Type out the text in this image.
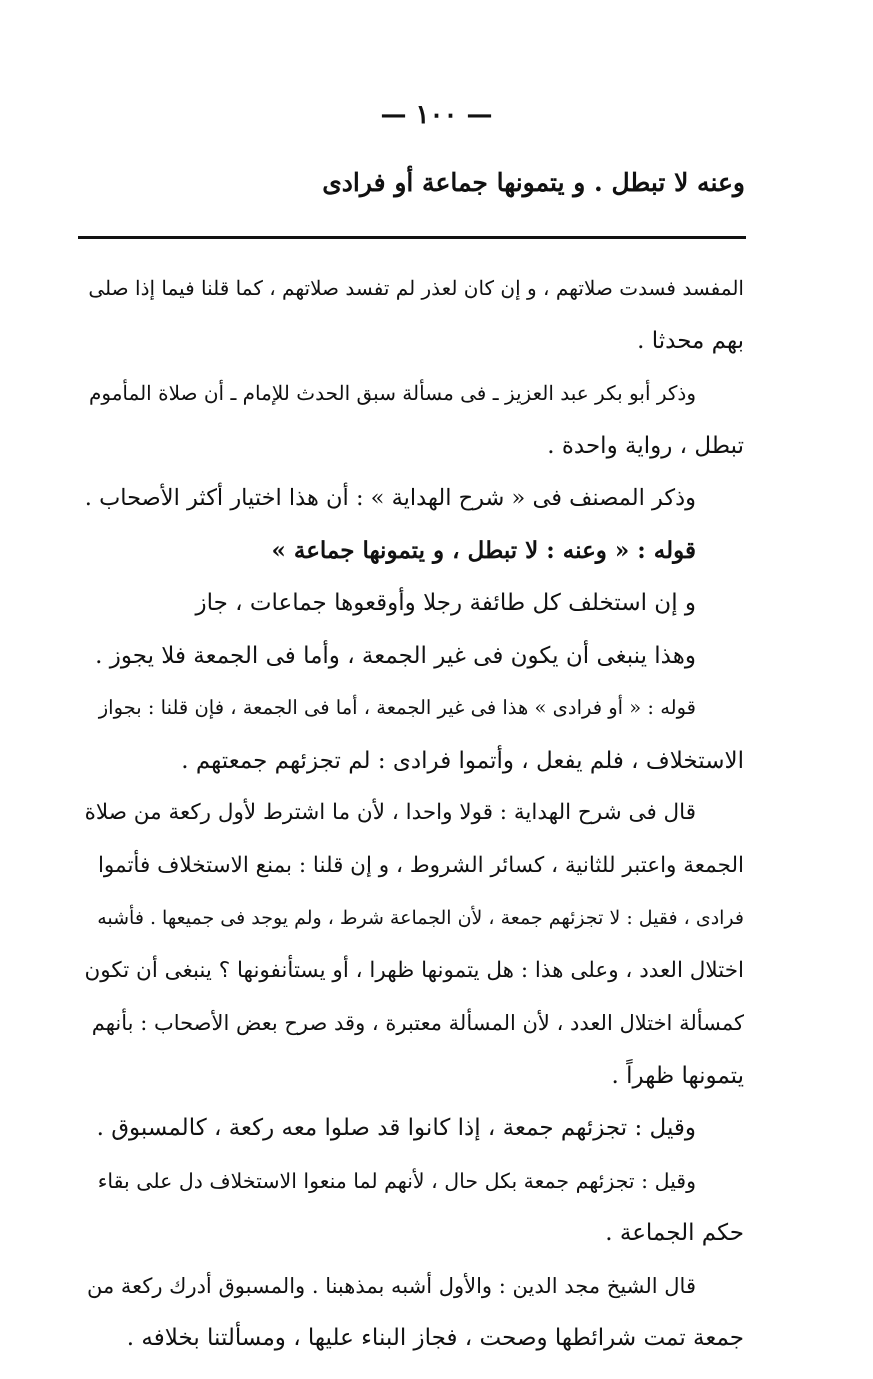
— ١٠٠ —
وعنه لا تبطل . و يتمونها جماعة أو فرادى
المفسد فسدت صلاتهم ، و إن كان لعذر لم تفسد صلاتهم ، كما قلنا فيما إذا صلى
بهم محدثا .
وذكر أبو بكر عبد العزيز ـ فى مسألة سبق الحدث للإمام ـ أن صلاة المأموم
تبطل ، رواية واحدة .
وذكر المصنف فى « شرح الهداية » : أن هذا اختيار أكثر الأصحاب .
قوله : « وعنه : لا تبطل ، و يتمونها جماعة »
و إن استخلف كل طائفة رجلا وأوقعوها جماعات ، جاز
وهذا ينبغى أن يكون فى غير الجمعة ، وأما فى الجمعة فلا يجوز .
قوله : « أو فرادى » هذا فى غير الجمعة ، أما فى الجمعة ، فإن قلنا : بجواز
الاستخلاف ، فلم يفعل ، وأتموا فرادى : لم تجزئهم جمعتهم .
قال فى شرح الهداية : قولا واحدا ، لأن ما اشترط لأول ركعة من صلاة
الجمعة واعتبر للثانية ، كسائر الشروط ، و إن قلنا : بمنع الاستخلاف فأتموا
فرادى ، فقيل : لا تجزئهم جمعة ، لأن الجماعة شرط ، ولم يوجد فى جميعها . فأشبه
اختلال العدد ، وعلى هذا : هل يتمونها ظهرا ، أو يستأنفونها ؟ ينبغى أن تكون
كمسألة اختلال العدد ، لأن المسألة معتبرة ، وقد صرح بعض الأصحاب : بأنهم
يتمونها ظهراً .
وقيل : تجزئهم جمعة ، إذا كانوا قد صلوا معه ركعة ، كالمسبوق .
وقيل : تجزئهم جمعة بكل حال ، لأنهم لما منعوا الاستخلاف دل على بقاء
حكم الجماعة .
قال الشيخ مجد الدين : والأول أشبه بمذهبنا . والمسبوق أدرك ركعة من
جمعة تمت شرائطها وصحت ، فجاز البناء عليها ، ومسألتنا بخلافه .
